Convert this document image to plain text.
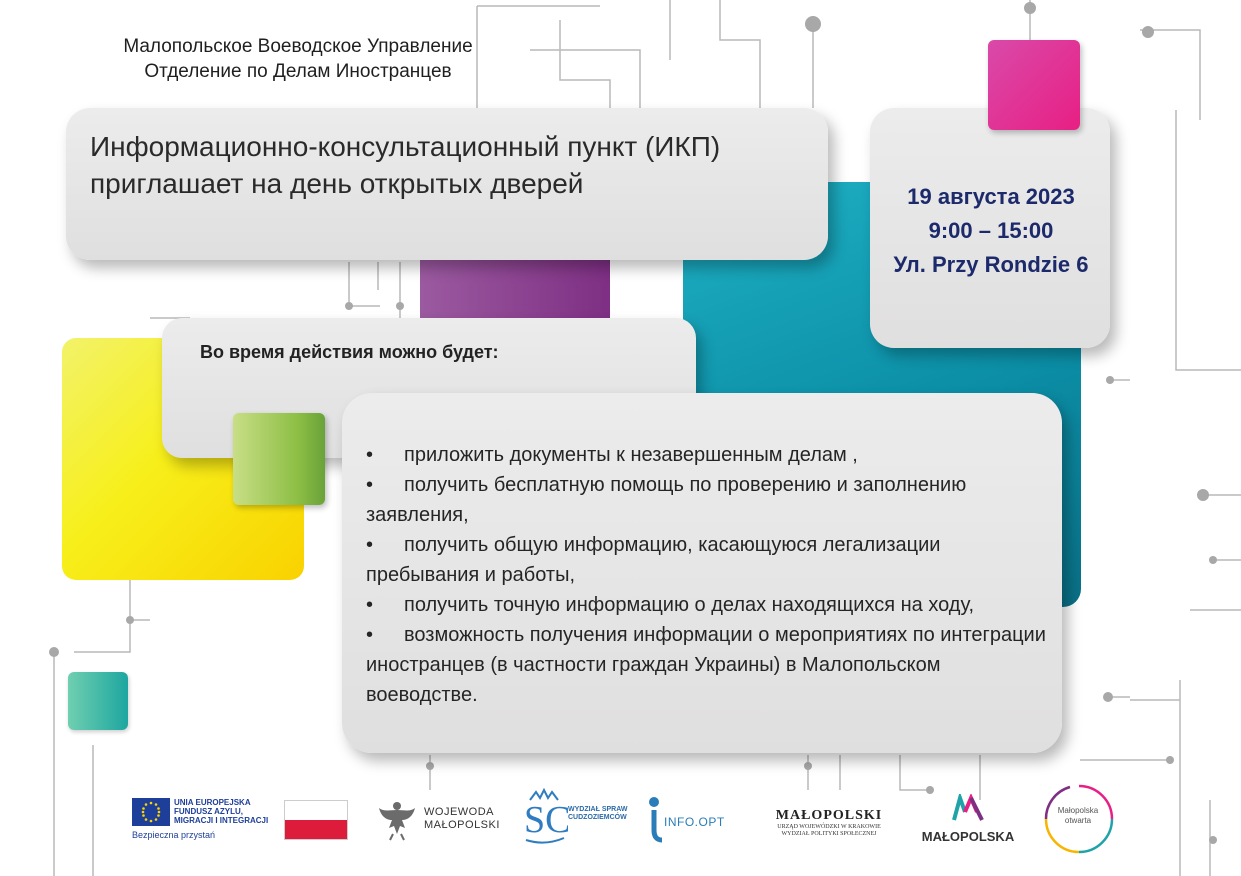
Малопольское Воеводское Управление
Отделение по Делам Иностранцев
Информационно-консультационный пункт (ИКП)
приглашает на день открытых дверей	19 августа 2023
9:00 – 15:00
Ул. Przy Rondzie 6
Во время действия можно будет:
• приложить документы к незавершенным делам ,
• получить бесплатную помощь по проверению и заполнению заявления,
• получить общую информацию, касающуюся легализации пребывания и работы,
• получить точную информацию о делах находящихся на ходу,
• возможность получения информации о мероприятиях по интеграции иностранцев (в частности граждан Украины) в Малопольском воеводстве.
UNIA EUROPEJSKA
FUNDUSZ AZYLU,
MIGRACJI I INTEGRACJI
Bezpieczna przystań
WOJEWODA
MAŁOPOLSKI SC
WYDZIAŁ SPRAW
CUDZOZIEMCÓW	INFO.OPT	MAŁOPOLSKI
URZĄD WOJEWÓDZKI W KRAKOWIE
WYDZIAŁ POLITYKI SPOŁECZNEJ	MAŁOPOLSKA
Małopolska
otwarta
